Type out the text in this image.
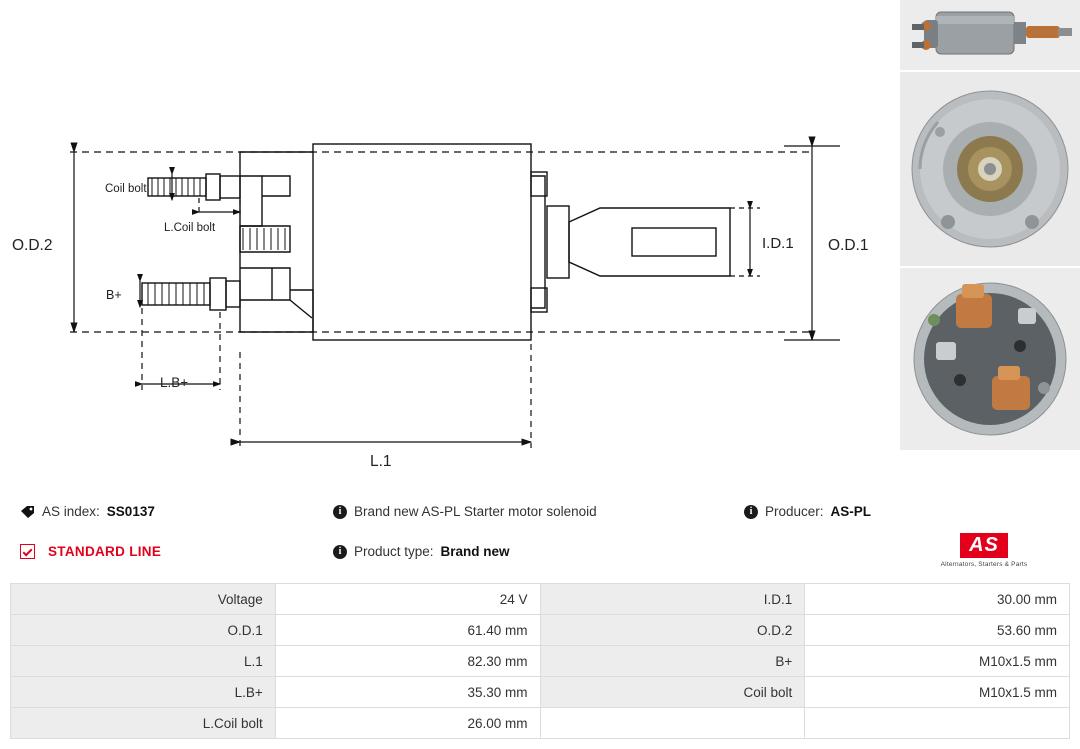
O.D.2	O.D.1
I.D.1
Coil bolt
L.Coil bolt
B+
L.B+
L.1
AS index: SS0137	i Brand new AS-PL Starter motor solenoid	i Producer: AS-PL
STANDARD LINE	i Product type: Brand new	AS
Alternators, Starters & Parts
Voltage	24 V	I.D.1	30.00 mm
O.D.1	61.40 mm	O.D.2	53.60 mm
L.1	82.30 mm	B+	M10x1.5 mm
L.B+	35.30 mm	Coil bolt	M10x1.5 mm
L.Coil bolt	26.00 mm		
